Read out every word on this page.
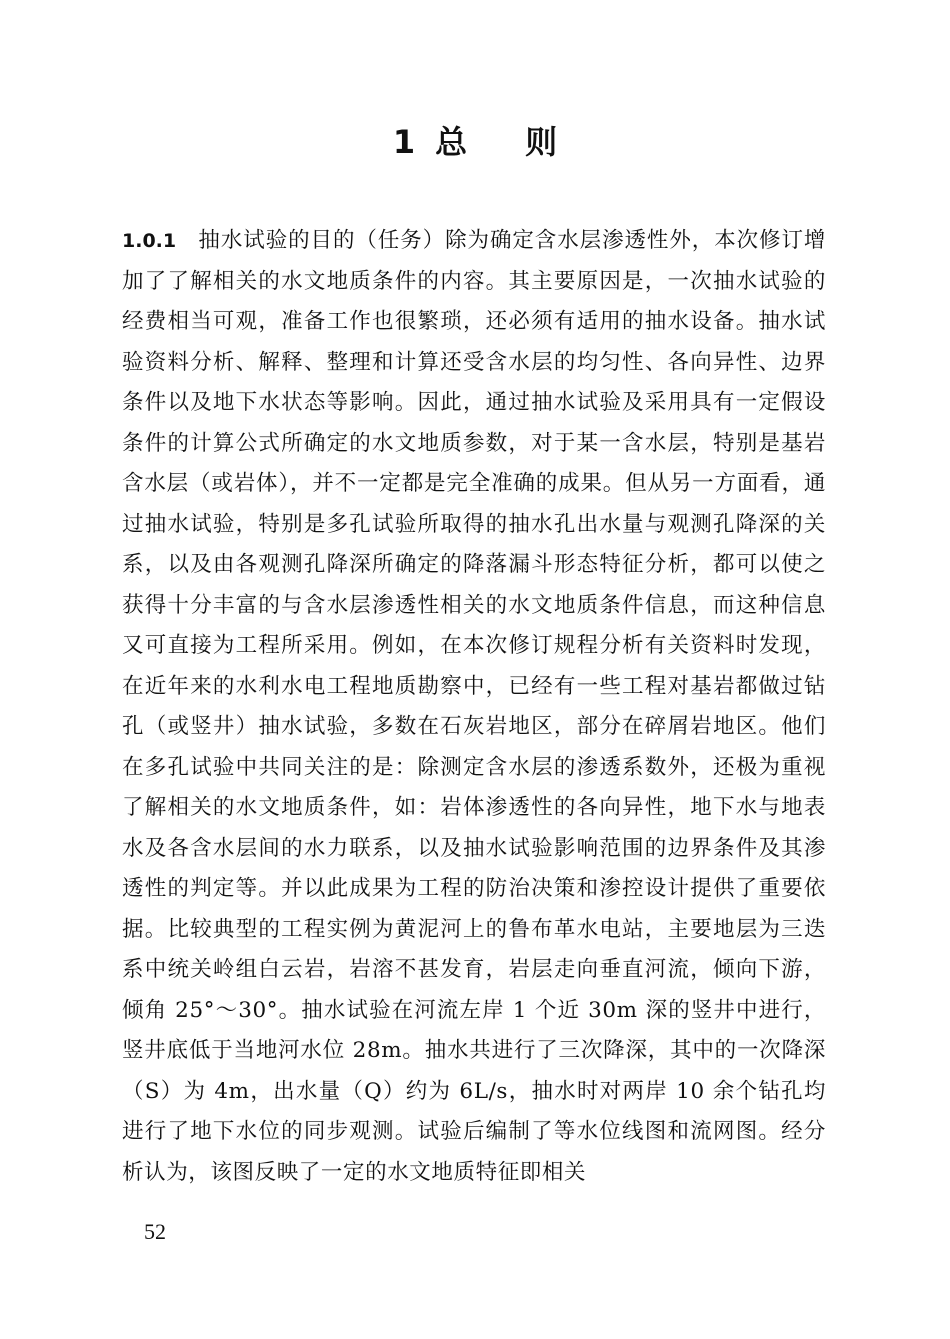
1 总 则

1.0.1 抽水试验的目的（任务）除为确定含水层渗透性外，本次修订增加了了解相关的水文地质条件的内容。其主要原因是，一次抽水试验的经费相当可观，准备工作也很繁琐，还必须有适用的抽水设备。抽水试验资料分析、解释、整理和计算还受含水层的均匀性、各向异性、边界条件以及地下水状态等影响。因此，通过抽水试验及采用具有一定假设条件的计算公式所确定的水文地质参数，对于某一含水层，特别是基岩含水层（或岩体），并不一定都是完全准确的成果。但从另一方面看，通过抽水试验，特别是多孔试验所取得的抽水孔出水量与观测孔降深的关系，以及由各观测孔降深所确定的降落漏斗形态特征分析，都可以使之获得十分丰富的与含水层渗透性相关的水文地质条件信息，而这种信息又可直接为工程所采用。例如，在本次修订规程分析有关资料时发现，在近年来的水利水电工程地质勘察中，已经有一些工程对基岩都做过钻孔（或竖井）抽水试验，多数在石灰岩地区，部分在碎屑岩地区。他们在多孔试验中共同关注的是：除测定含水层的渗透系数外，还极为重视了解相关的水文地质条件，如：岩体渗透性的各向异性，地下水与地表水及各含水层间的水力联系，以及抽水试验影响范围的边界条件及其渗透性的判定等。并以此成果为工程的防治决策和渗控设计提供了重要依据。比较典型的工程实例为黄泥河上的鲁布革水电站，主要地层为三迭系中统关岭组白云岩，岩溶不甚发育，岩层走向垂直河流，倾向下游，倾角 25°～30°。抽水试验在河流左岸 1 个近 30m 深的竖井中进行，竖井底低于当地河水位 28m。抽水共进行了三次降深，其中的一次降深（S）为 4m，出水量（Q）约为 6L/s，抽水时对两岸 10 余个钻孔均进行了地下水位的同步观测。试验后编制了等水位线图和流网图。经分析认为，该图反映了一定的水文地质特征即相关

52
